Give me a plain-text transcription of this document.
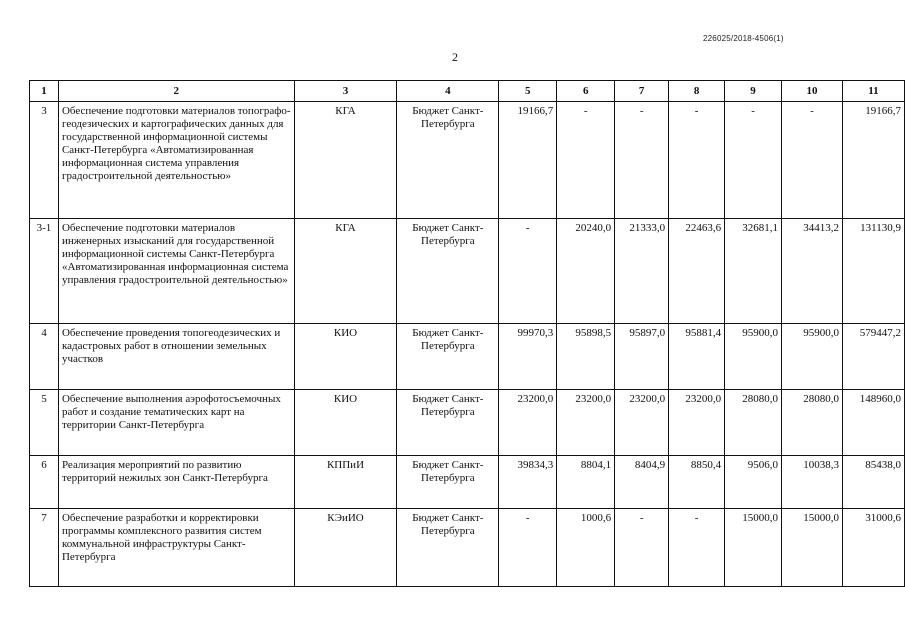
226025/2018-4506(1)
2
1	2	3	4	5	6	7	8	9	10	11
3	Обеспечение подготовки материалов топографо-геодезических и картографических данных для государственной информационной системы Санкт-Петербурга «Автоматизированная информационная система управления градостроительной деятельностью»	КГА	Бюджет Санкт-Петербурга	19166,7	-	-	-	-	-	19166,7
3-1	Обеспечение подготовки материалов инженерных изысканий для государственной информационной системы Санкт-Петербурга «Автоматизированная информационная система управления градостроительной деятельностью»	КГА	Бюджет Санкт-Петербурга	-	20240,0	21333,0	22463,6	32681,1	34413,2	131130,9
4	Обеспечение проведения топогеодезических и кадастровых работ в отношении земельных участков	КИО	Бюджет Санкт-Петербурга	99970,3	95898,5	95897,0	95881,4	95900,0	95900,0	579447,2
5	Обеспечение выполнения аэрофотосъемочных работ и создание тематических карт на территории Санкт-Петербурга	КИО	Бюджет Санкт-Петербурга	23200,0	23200,0	23200,0	23200,0	28080,0	28080,0	148960,0
6	Реализация мероприятий по развитию территорий нежилых зон Санкт-Петербурга	КППиИ	Бюджет Санкт-Петербурга	39834,3	8804,1	8404,9	8850,4	9506,0	10038,3	85438,0
7	Обеспечение разработки и корректировки программы комплексного развития систем коммунальной инфраструктуры Санкт-Петербурга	КЭиИО	Бюджет Санкт-Петербурга	-	1000,6	-	-	15000,0	15000,0	31000,6
